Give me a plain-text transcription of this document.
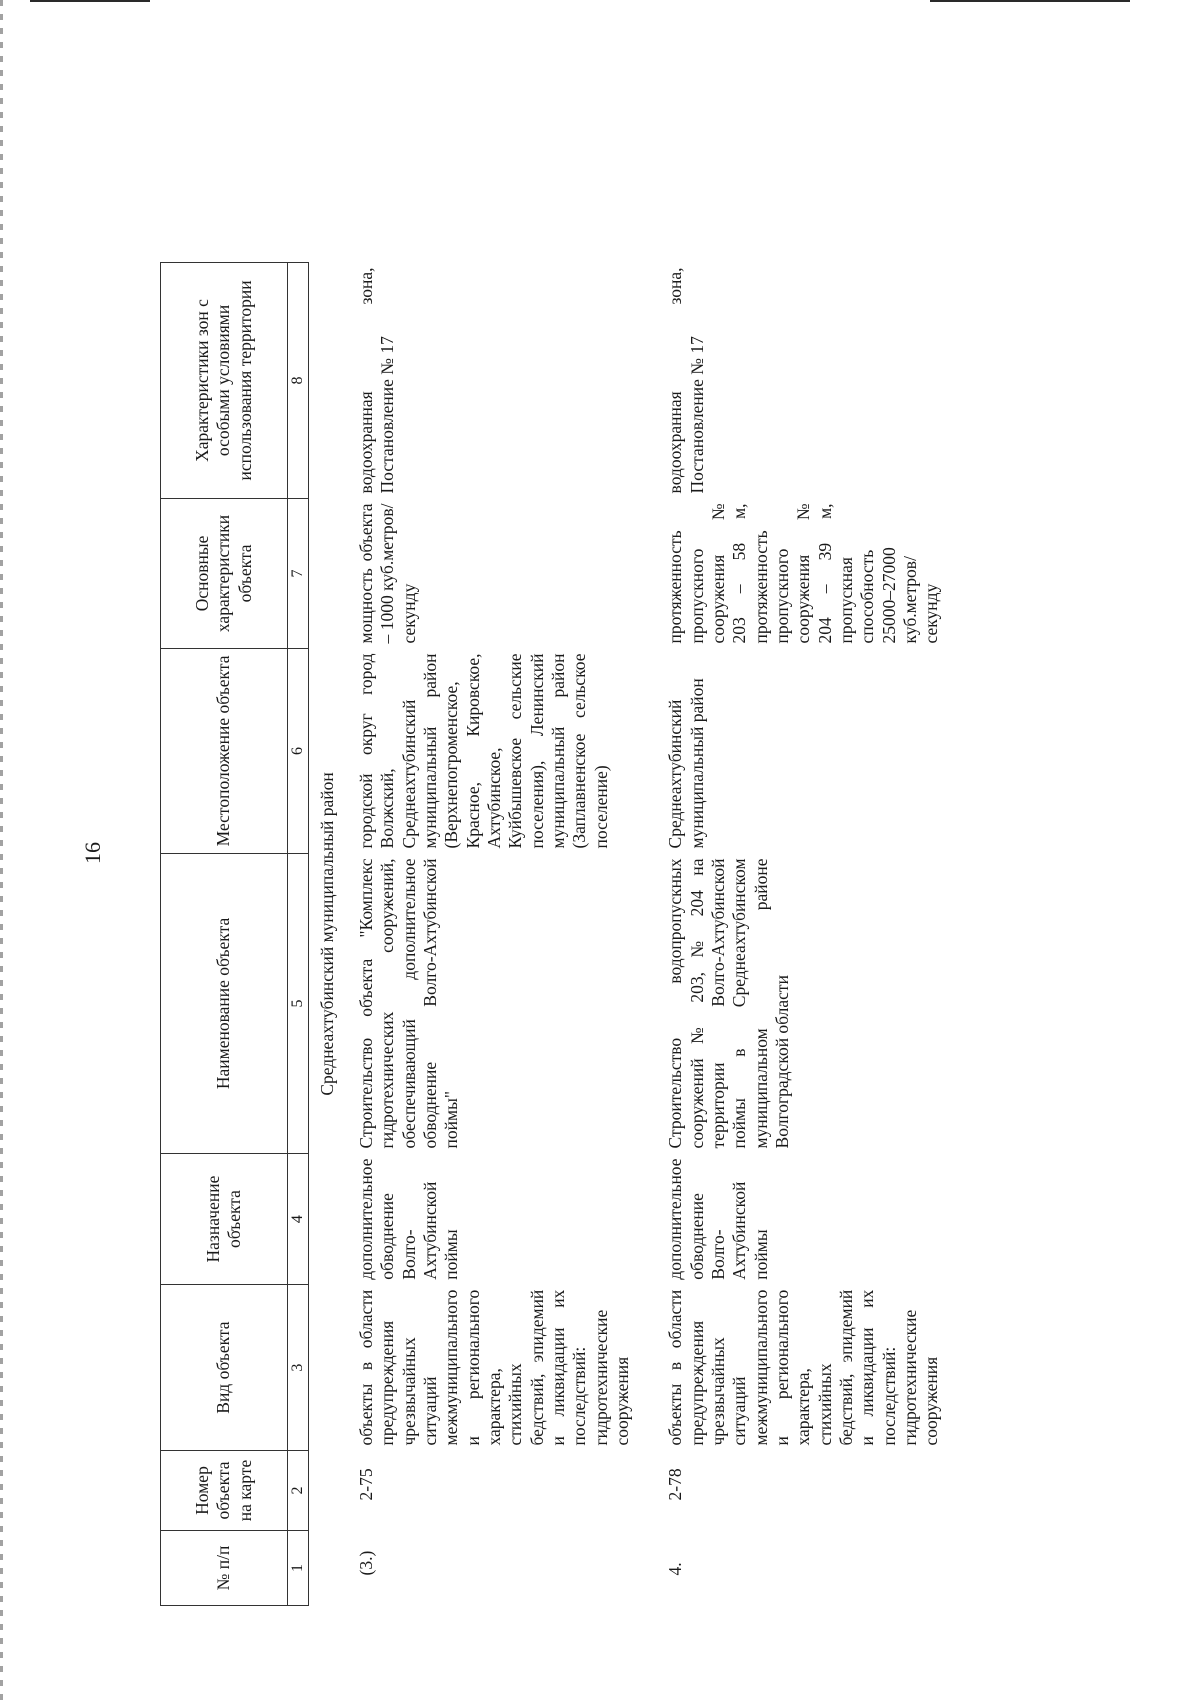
16
№ п/п	Номер объекта на карте	Вид объекта	Назначение объекта	Наименование объекта	Местоположение объекта	Основные характеристики объекта	Характеристики зон с особыми условиями использования территории
1	2	3	4	5	6	7	8
Среднеахтубинский муниципальный район							
(3.)	2-75	объекты в области предупреждения чрезвычайных ситуаций межмуниципального и регионального характера, стихийных бедствий, эпидемий и ликвидации их последствий: гидротехнические сооружения	дополнительное обводнение Волго-Ахтубинской поймы	Строительство объекта "Комплекс гидротехнических сооружений, обеспечивающий дополнительное обводнение Волго-Ахтубинской поймы"	городской округ город Волжский, Среднеахтубинский муниципальный район (Верхнепогроменское, Красное, Кировское, Ахтубинское, Куйбышевское сельские поселения), Ленинский муниципальный район (Заплавненское сельское поселение)	мощность объекта – 1000 куб.метров/секунду	водоохранная зона, Постановление № 17
4.	2-78	объекты в области предупреждения чрезвычайных ситуаций межмуниципального и регионального характера, стихийных бедствий, эпидемий и ликвидации их последствий: гидротехнические сооружения	дополнительное обводнение Волго-Ахтубинской поймы	Строительство водопропускных сооружений № 203, № 204 на территории Волго-Ахтубинской поймы в Среднеахтубинском муниципальном районе Волгоградской области	Среднеахтубинский муниципальный район	протяженность пропускного сооружения № 203 – 58 м, протяженность пропускного сооружения № 204 – 39 м, пропускная способность 25000–27000 куб.метров/секунду	водоохранная зона, Постановление № 17
